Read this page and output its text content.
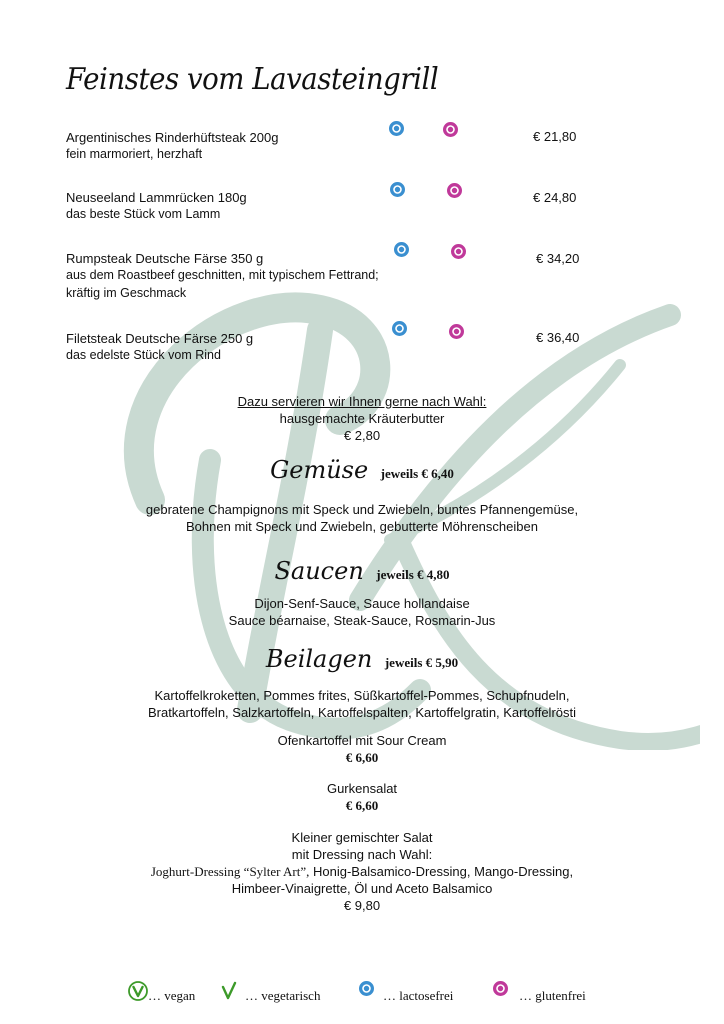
Feinstes vom Lavasteingrill
Argentinisches Rinderhüftsteak 200g
fein marmoriert, herzhaft
€ 21,80
Neuseeland Lammrücken 180g
das beste Stück vom Lamm
€ 24,80
Rumpsteak Deutsche Färse 350 g
aus dem Roastbeef geschnitten, mit typischem Fettrand;
kräftig im Geschmack
€ 34,20
Filetsteak Deutsche Färse 250 g
das edelste Stück vom Rind
€ 36,40
Dazu servieren wir Ihnen gerne nach Wahl:
hausgemachte Kräuterbutter
€ 2,80
Gemüse jeweils € 6,40
gebratene Champignons mit Speck und Zwiebeln, buntes Pfannengemüse,
Bohnen mit Speck und Zwiebeln, gebutterte Möhrenscheiben
Saucen jeweils € 4,80
Dijon-Senf-Sauce, Sauce hollandaise
Sauce béarnaise, Steak-Sauce, Rosmarin-Jus
Beilagen jeweils € 5,90
Kartoffelkroketten, Pommes frites, Süßkartoffel-Pommes, Schupfnudeln,
Bratkartoffeln, Salzkartoffeln, Kartoffelspalten, Kartoffelgratin, Kartoffelrösti
Ofenkartoffel mit Sour Cream
€ 6,60
Gurkensalat
€ 6,60
Kleiner gemischter Salat
mit Dressing nach Wahl:
Joghurt-Dressing “Sylter Art”, Honig-Balsamico-Dressing, Mango-Dressing,
Himbeer-Vinaigrette, Öl und Aceto Balsamico
€ 9,80
… vegan	… vegetarisch	… lactosefrei	… glutenfrei
